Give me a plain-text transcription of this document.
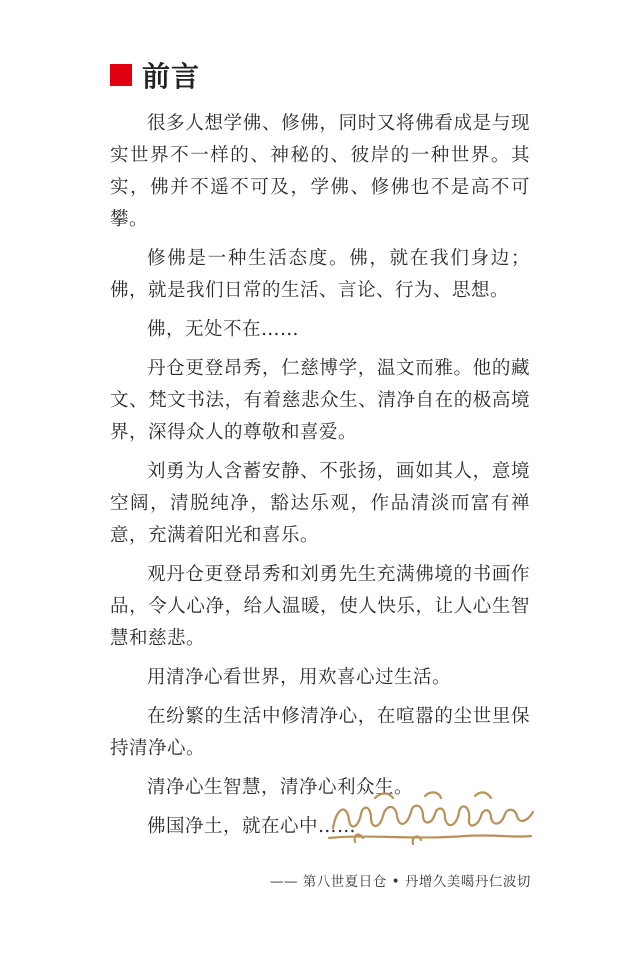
前言

很多人想学佛、修佛，同时又将佛看成是与现实世界不一样的、神秘的、彼岸的一种世界。其实，佛并不遥不可及，学佛、修佛也不是高不可攀。

修佛是一种生活态度。佛，就在我们身边；佛，就是我们日常的生活、言论、行为、思想。

佛，无处不在……

丹仓更登昂秀，仁慈博学，温文而雅。他的藏文、梵文书法，有着慈悲众生、清净自在的极高境界，深得众人的尊敬和喜爱。

刘勇为人含蓄安静、不张扬，画如其人，意境空阔，清脱纯净，豁达乐观，作品清淡而富有禅意，充满着阳光和喜乐。

观丹仓更登昂秀和刘勇先生充满佛境的书画作品，令人心净，给人温暖，使人快乐，让人心生智慧和慈悲。

用清净心看世界，用欢喜心过生活。

在纷繁的生活中修清净心，在喧嚣的尘世里保持清净心。

清净心生智慧，清净心利众生。

佛国净土，就在心中……

—— 第八世夏日仓 • 丹增久美噶丹仁波切
